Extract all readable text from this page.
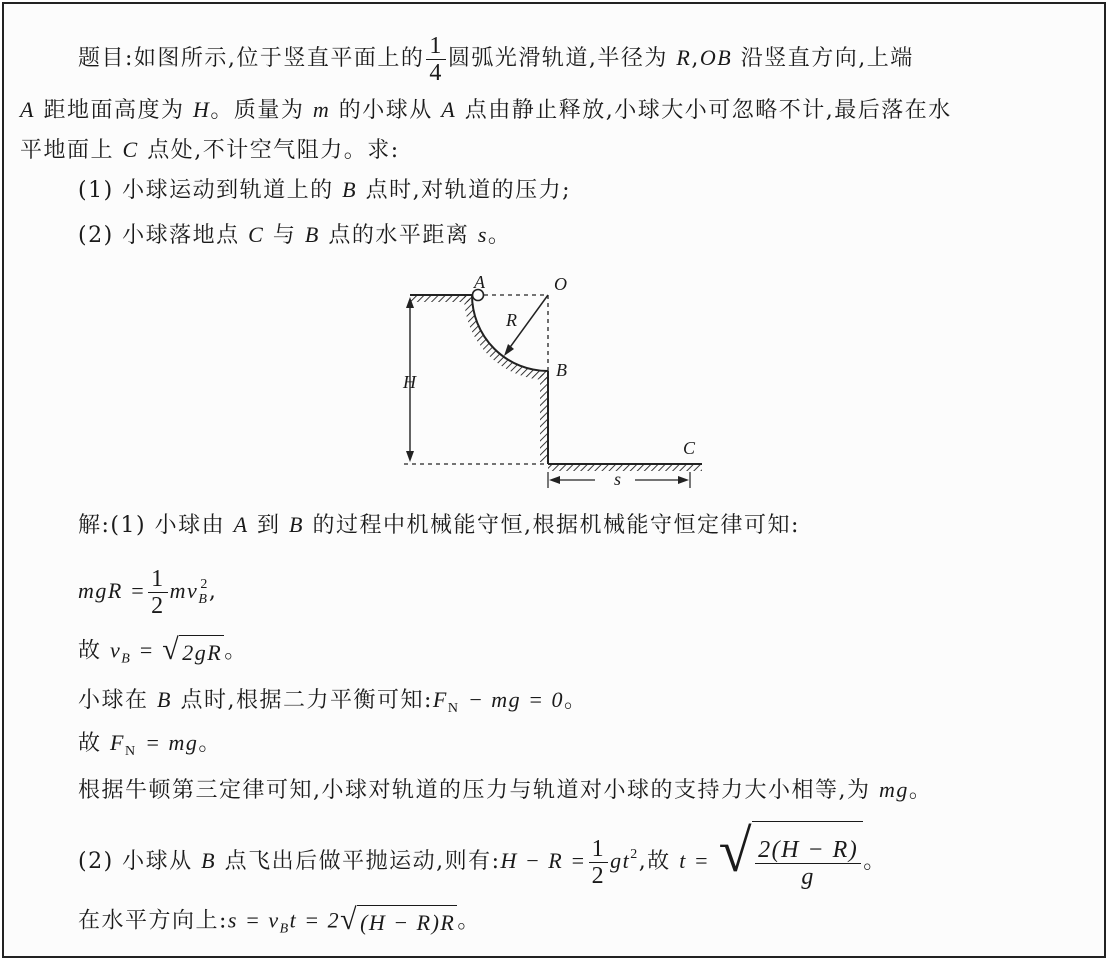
题目:如图所示,位于竖直平面上的 $\frac{1}{4}$ 圆弧光滑轨道,半径为 R,OB 沿竖直方向,上端
A 距地面高度为 H。质量为 m 的小球从 A 点由静止释放,小球大小可忽略不计,最后落在水
平地面上 C 点处,不计空气阻力。求:
(1) 小球运动到轨道上的 B 点时,对轨道的压力;
(2) 小球落地点 C 与 B 点的水平距离 s。
A	O
R
B
H
C
s
解:(1) 小球由 A 到 B 的过程中机械能守恒,根据机械能守恒定律可知:
mgR = $\frac{1}{2} mv_B^2$,
故 $v_B$ = √ 2gR 。
小球在 B 点时,根据二力平衡可知$:F_N$ − mg = 0。
故 $F_N$ = mg。
根据牛顿第三定律可知,小球对轨道的压力与轨道对小球的支持力大小相等,为 mg。
(2) 小球从 B 点飞出后做平抛运动,则有:H − $R = \frac{1}{2} gt^2$,故 t = √ $\frac{2(H - R)}{g}$ 。
在水平方向上:s = $v_Bt = 2$ √ (H − R)R 。
